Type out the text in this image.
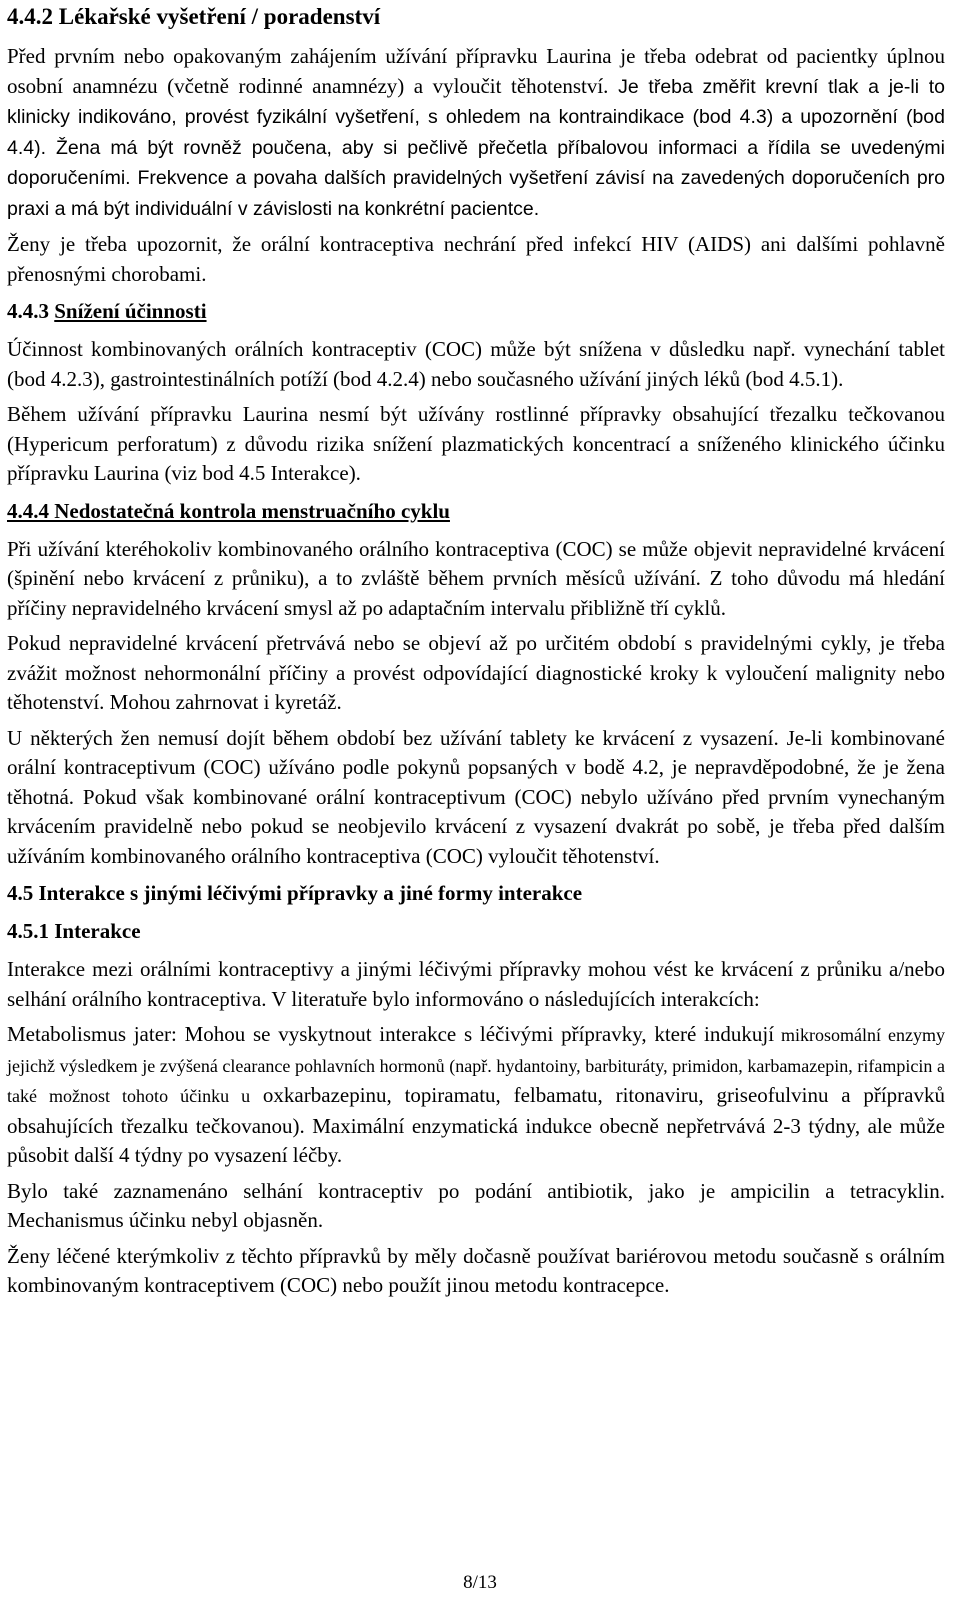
4.4.2 Lékařské vyšetření / poradenství

Před prvním nebo opakovaným zahájením užívání přípravku Laurina je třeba odebrat od pacientky úplnou osobní anamnézu (včetně rodinné anamnézy) a vyloučit těhotenství. Je třeba změřit krevní tlak a je-li to klinicky indikováno, provést fyzikální vyšetření, s ohledem na kontraindikace (bod 4.3) a upozornění (bod 4.4). Žena má být rovněž poučena, aby si pečlivě přečetla příbalovou informaci a řídila se uvedenými doporučeními. Frekvence a povaha dalších pravidelných vyšetření závisí na zavedených doporučeních pro praxi a má být individuální v závislosti na konkrétní pacientce.

Ženy je třeba upozornit, že orální kontraceptiva nechrání před infekcí HIV (AIDS) ani dalšími pohlavně přenosnými chorobami.

4.4.3 Snížení účinnosti

Účinnost kombinovaných orálních kontraceptiv (COC) může být snížena v důsledku např. vynechání tablet (bod 4.2.3), gastrointestinálních potíží (bod 4.2.4) nebo současného užívání jiných léků (bod 4.5.1).

Během užívání přípravku Laurina nesmí být užívány rostlinné přípravky obsahující třezalku tečkovanou (Hypericum perforatum) z důvodu rizika snížení plazmatických koncentrací a sníženého klinického účinku přípravku Laurina (viz bod 4.5 Interakce).

4.4.4 Nedostatečná kontrola menstruačního cyklu

Při užívání kteréhokoliv kombinovaného orálního kontraceptiva (COC) se může objevit nepravidelné krvácení (špinění nebo krvácení z průniku), a to zvláště během prvních měsíců užívání. Z toho důvodu má hledání příčiny nepravidelného krvácení smysl až po adaptačním intervalu přibližně tří cyklů.

Pokud nepravidelné krvácení přetrvává nebo se objeví až po určitém období s pravidelnými cykly, je třeba zvážit možnost nehormonální příčiny a provést odpovídající diagnostické kroky k vyloučení malignity nebo těhotenství. Mohou zahrnovat i kyretáž.

U některých žen nemusí dojít během období bez užívání tablety ke krvácení z vysazení. Je-li kombinované orální kontraceptivum (COC) užíváno podle pokynů popsaných v bodě 4.2, je nepravděpodobné, že je žena těhotná. Pokud však kombinované orální kontraceptivum (COC) nebylo užíváno před prvním vynechaným krvácením pravidelně nebo pokud se neobjevilo krvácení z vysazení dvakrát po sobě, je třeba před dalším užíváním kombinovaného orálního kontraceptiva (COC) vyloučit těhotenství.

4.5 Interakce s jinými léčivými přípravky a jiné formy interakce
4.5.1 Interakce

Interakce mezi orálními kontraceptivy a jinými léčivými přípravky mohou vést ke krvácení z průniku a/nebo selhání orálního kontraceptiva. V literatuře bylo informováno o následujících interakcích:

Metabolismus jater: Mohou se vyskytnout interakce s léčivými přípravky, které indukují mikrosomální enzymy jejichž výsledkem je zvýšená clearance pohlavních hormonů (např. hydantoiny, barbituráty, primidon, karbamazepin, rifampicin a také možnost tohoto účinku u oxkarbazepinu, topiramatu, felbamatu, ritonaviru, griseofulvinu a přípravků obsahujících třezalku tečkovanou). Maximální enzymatická indukce obecně nepřetrvává 2-3 týdny, ale může působit další 4 týdny po vysazení léčby.

Bylo také zaznamenáno selhání kontraceptiv po podání antibiotik, jako je ampicilin a tetracyklin. Mechanismus účinku nebyl objasněn.

Ženy léčené kterýmkoliv z těchto přípravků by měly dočasně používat bariérovou metodu současně s orálním kombinovaným kontraceptivem (COC) nebo použít jinou metodu kontracepce.

8/13
